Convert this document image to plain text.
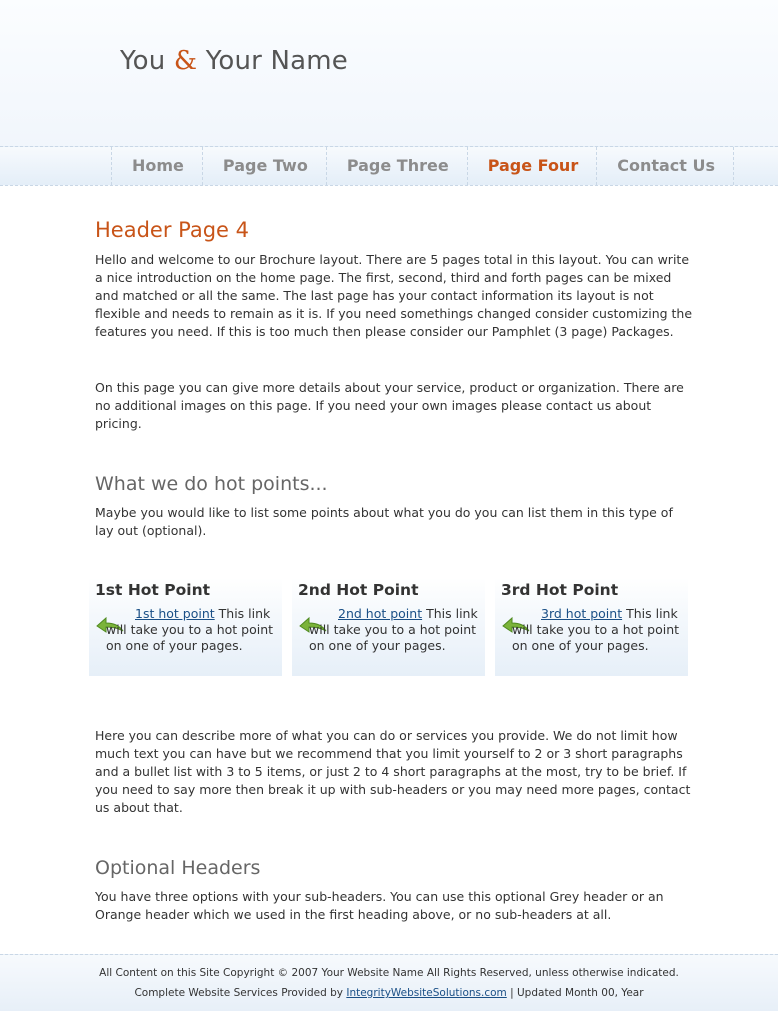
You & Your Name
Home	Page Two	Page Three	Page Four	Contact Us
Header Page 4

Hello and welcome to our Brochure layout. There are 5 pages total in this layout. You can write a nice introduction on the home page. The first, second, third and forth pages can be mixed and matched or all the same. The last page has your contact information its layout is not flexible and needs to remain as it is. If you need somethings changed consider customizing the features you need. If this is too much then please consider our Pamphlet (3 page) Packages.

On this page you can give more details about your service, product or organization. There are no additional images on this page. If you need your own images please contact us about pricing.

What we do hot points...

Maybe you would like to list some points about what you do you can list them in this type of lay out (optional).

1st Hot Point
1st hot point This link will take you to a hot point on one of your pages.
2nd Hot Point
2nd hot point This link will take you to a hot point on one of your pages.
3rd Hot Point
3rd hot point This link will take you to a hot point on one of your pages.

Here you can describe more of what you can do or services you provide. We do not limit how much text you can have but we recommend that you limit yourself to 2 or 3 short paragraphs and a bullet list with 3 to 5 items, or just 2 to 4 short paragraphs at the most, try to be brief. If you need to say more then break it up with sub-headers or you may need more pages, contact us about that.

Optional Headers

You have three options with your sub-headers. You can use this optional Grey header or an Orange header which we used in the first heading above, or no sub-headers at all.

All Content on this Site Copyright © 2007 Your Website Name All Rights Reserved, unless otherwise indicated.
Complete Website Services Provided by IntegrityWebsiteSolutions.com | Updated Month 00, Year
